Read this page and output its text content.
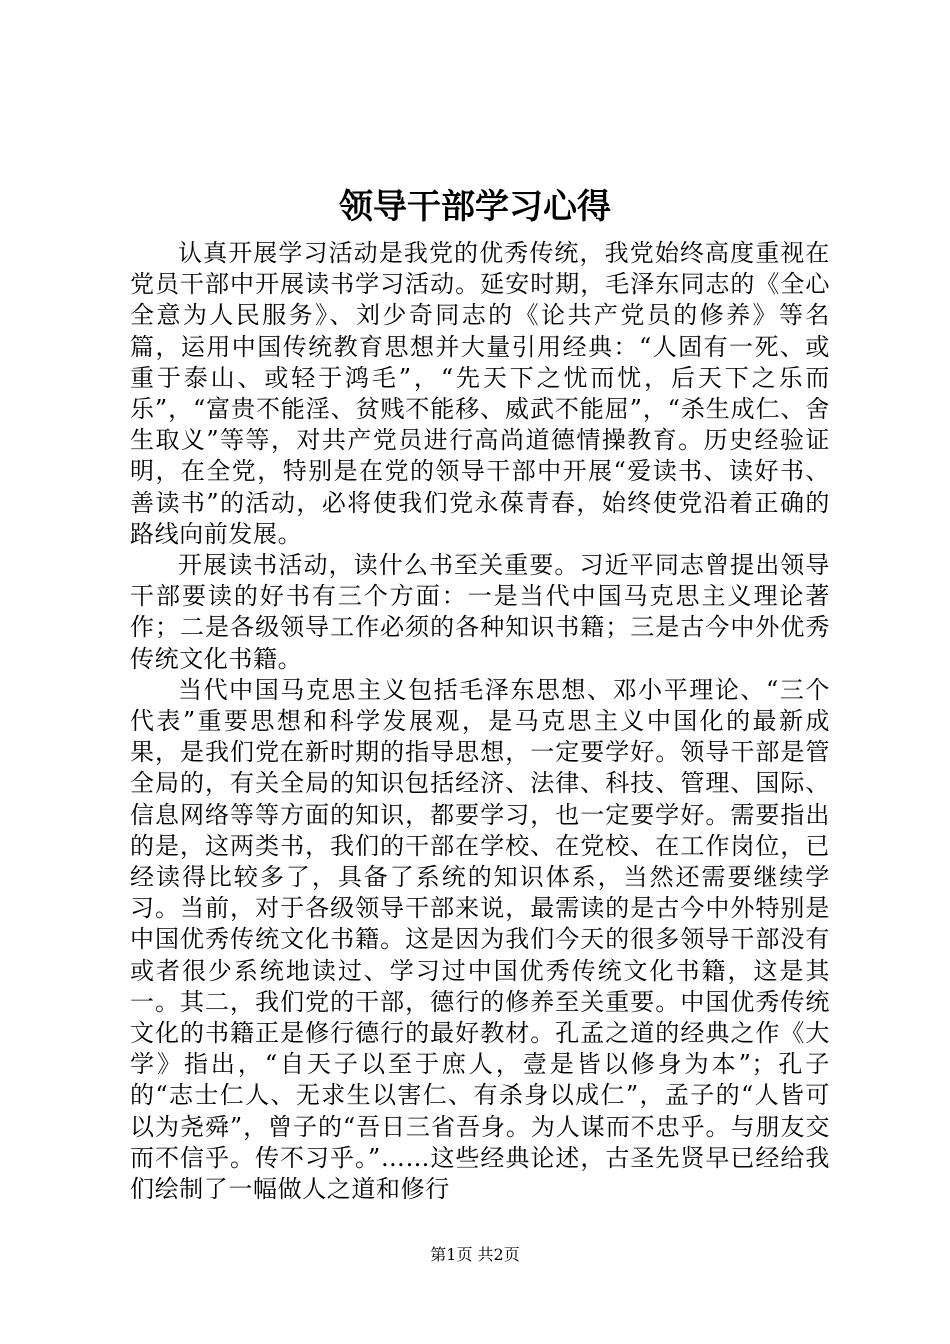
领导干部学习心得

认真开展学习活动是我党的优秀传统，我党始终高度重视在党员干部中开展读书学习活动。延安时期，毛泽东同志的《全心全意为人民服务》、刘少奇同志的《论共产党员的修养》等名篇，运用中国传统教育思想并大量引用经典：“人固有一死、或重于泰山、或轻于鸿毛”，“先天下之忧而忧，后天下之乐而乐”，“富贵不能淫、贫贱不能移、威武不能屈”，“杀生成仁、舍生取义”等等，对共产党员进行高尚道德情操教育。历史经验证明，在全党，特别是在党的领导干部中开展“爱读书、读好书、善读书”的活动，必将使我们党永葆青春，始终使党沿着正确的路线向前发展。

开展读书活动，读什么书至关重要。习近平同志曾提出领导干部要读的好书有三个方面：一是当代中国马克思主义理论著作；二是各级领导工作必须的各种知识书籍；三是古今中外优秀传统文化书籍。

当代中国马克思主义包括毛泽东思想、邓小平理论、“三个代表”重要思想和科学发展观，是马克思主义中国化的最新成果，是我们党在新时期的指导思想，一定要学好。领导干部是管全局的，有关全局的知识包括经济、法律、科技、管理、国际、信息网络等等方面的知识，都要学习，也一定要学好。需要指出的是，这两类书，我们的干部在学校、在党校、在工作岗位，已经读得比较多了，具备了系统的知识体系，当然还需要继续学习。当前，对于各级领导干部来说，最需读的是古今中外特别是中国优秀传统文化书籍。这是因为我们今天的很多领导干部没有或者很少系统地读过、学习过中国优秀传统文化书籍，这是其一。其二，我们党的干部，德行的修养至关重要。中国优秀传统文化的书籍正是修行德行的最好教材。孔孟之道的经典之作《大学》指出，“自天子以至于庶人，壹是皆以修身为本”；孔子的“志士仁人、无求生以害仁、有杀身以成仁”，孟子的“人皆可以为尧舜”，曾子的“吾日三省吾身。为人谋而不忠乎。与朋友交而不信乎。传不习乎。”……这些经典论述，古圣先贤早已经给我们绘制了一幅做人之道和修行

第1页 共2页
